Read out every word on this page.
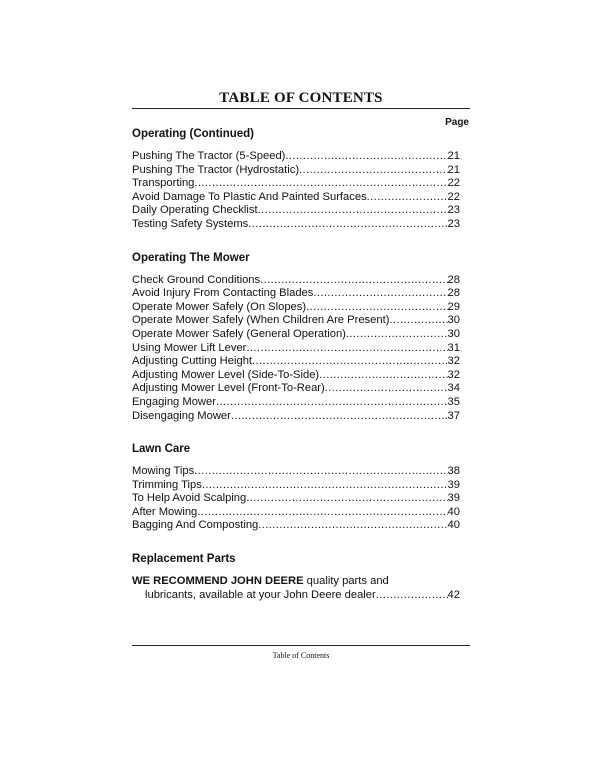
TABLE OF CONTENTS
Page
Operating (Continued)
Pushing The Tractor (5-Speed) .....	21
Pushing The Tractor (Hydrostatic) .....	21
Transporting .....	22
Avoid Damage To Plastic And Painted Surfaces .....	22
Daily Operating Checklist .....	23
Testing Safety Systems .....	23
Operating The Mower
Check Ground Conditions .....	28
Avoid Injury From Contacting Blades .....	28
Operate Mower Safely (On Slopes) .....	29
Operate Mower Safely (When Children Are Present) .....	30
Operate Mower Safely (General Operation) .....	30
Using Mower Lift Lever .....	31
Adjusting Cutting Height .....	32
Adjusting Mower Level (Side-To-Side) .....	32
Adjusting Mower Level (Front-To-Rear) .....	34
Engaging Mower .....	35
Disengaging Mower .....	37
Lawn Care
Mowing Tips .....	38
Trimming Tips .....	39
To Help Avoid Scalping .....	39
After Mowing .....	40
Bagging And Composting .....	40
Replacement Parts
WE RECOMMEND JOHN DEERE quality parts and
lubricants, available at your John Deere dealer .....	42
Table of Contents
